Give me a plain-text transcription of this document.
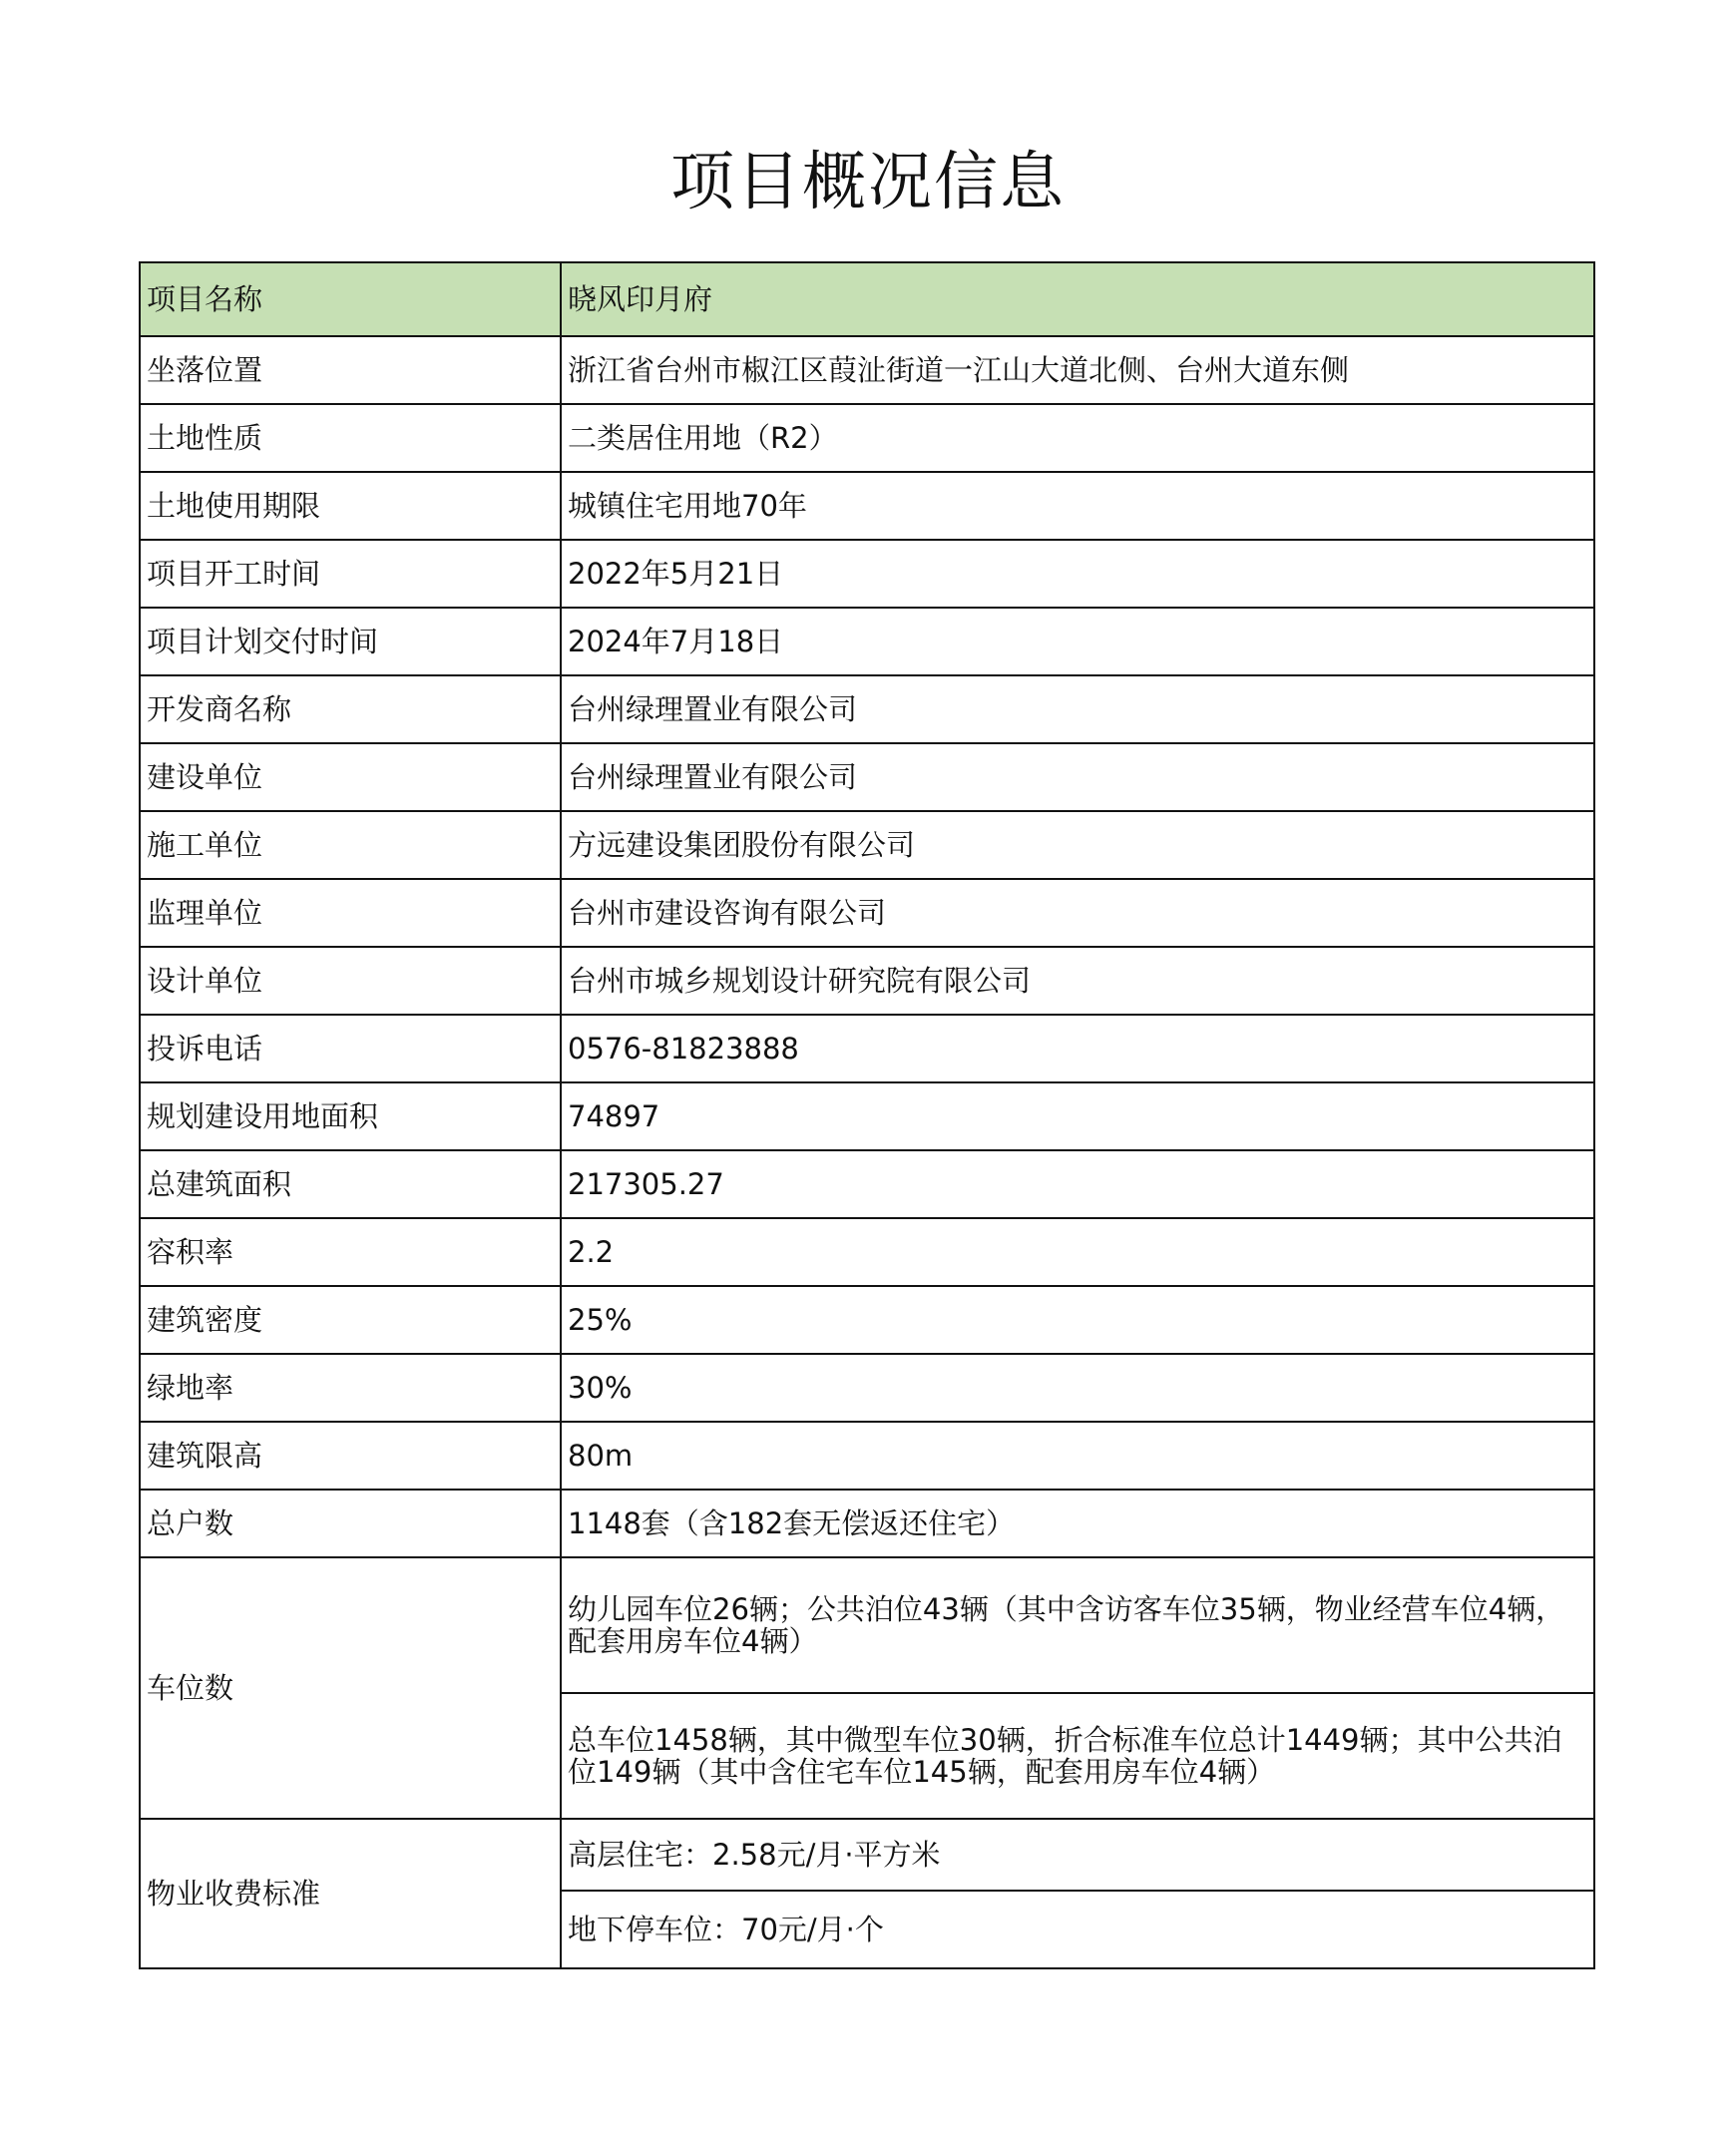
项目概况信息
项目名称	晓风印月府
坐落位置	浙江省台州市椒江区葭沚街道一江山大道北侧、台州大道东侧
土地性质	二类居住用地（R2）
土地使用期限	城镇住宅用地70年
项目开工时间	2022年5月21日
项目计划交付时间	2024年7月18日
开发商名称	台州绿理置业有限公司
建设单位	台州绿理置业有限公司
施工单位	方远建设集团股份有限公司
监理单位	台州市建设咨询有限公司
设计单位	台州市城乡规划设计研究院有限公司
投诉电话	0576-81823888
规划建设用地面积	74897
总建筑面积	217305.27
容积率	2.2
建筑密度	25%
绿地率	30%
建筑限高	80m
总户数	1148套（含182套无偿返还住宅）
车位数	幼儿园车位26辆；公共泊位43辆（其中含访客车位35辆，物业经营车位4辆，配套用房车位4辆）
	总车位1458辆，其中微型车位30辆，折合标准车位总计1449辆；其中公共泊位149辆（其中含住宅车位145辆，配套用房车位4辆）
物业收费标准	高层住宅：2.58元/月·平方米
	地下停车位：70元/月·个
